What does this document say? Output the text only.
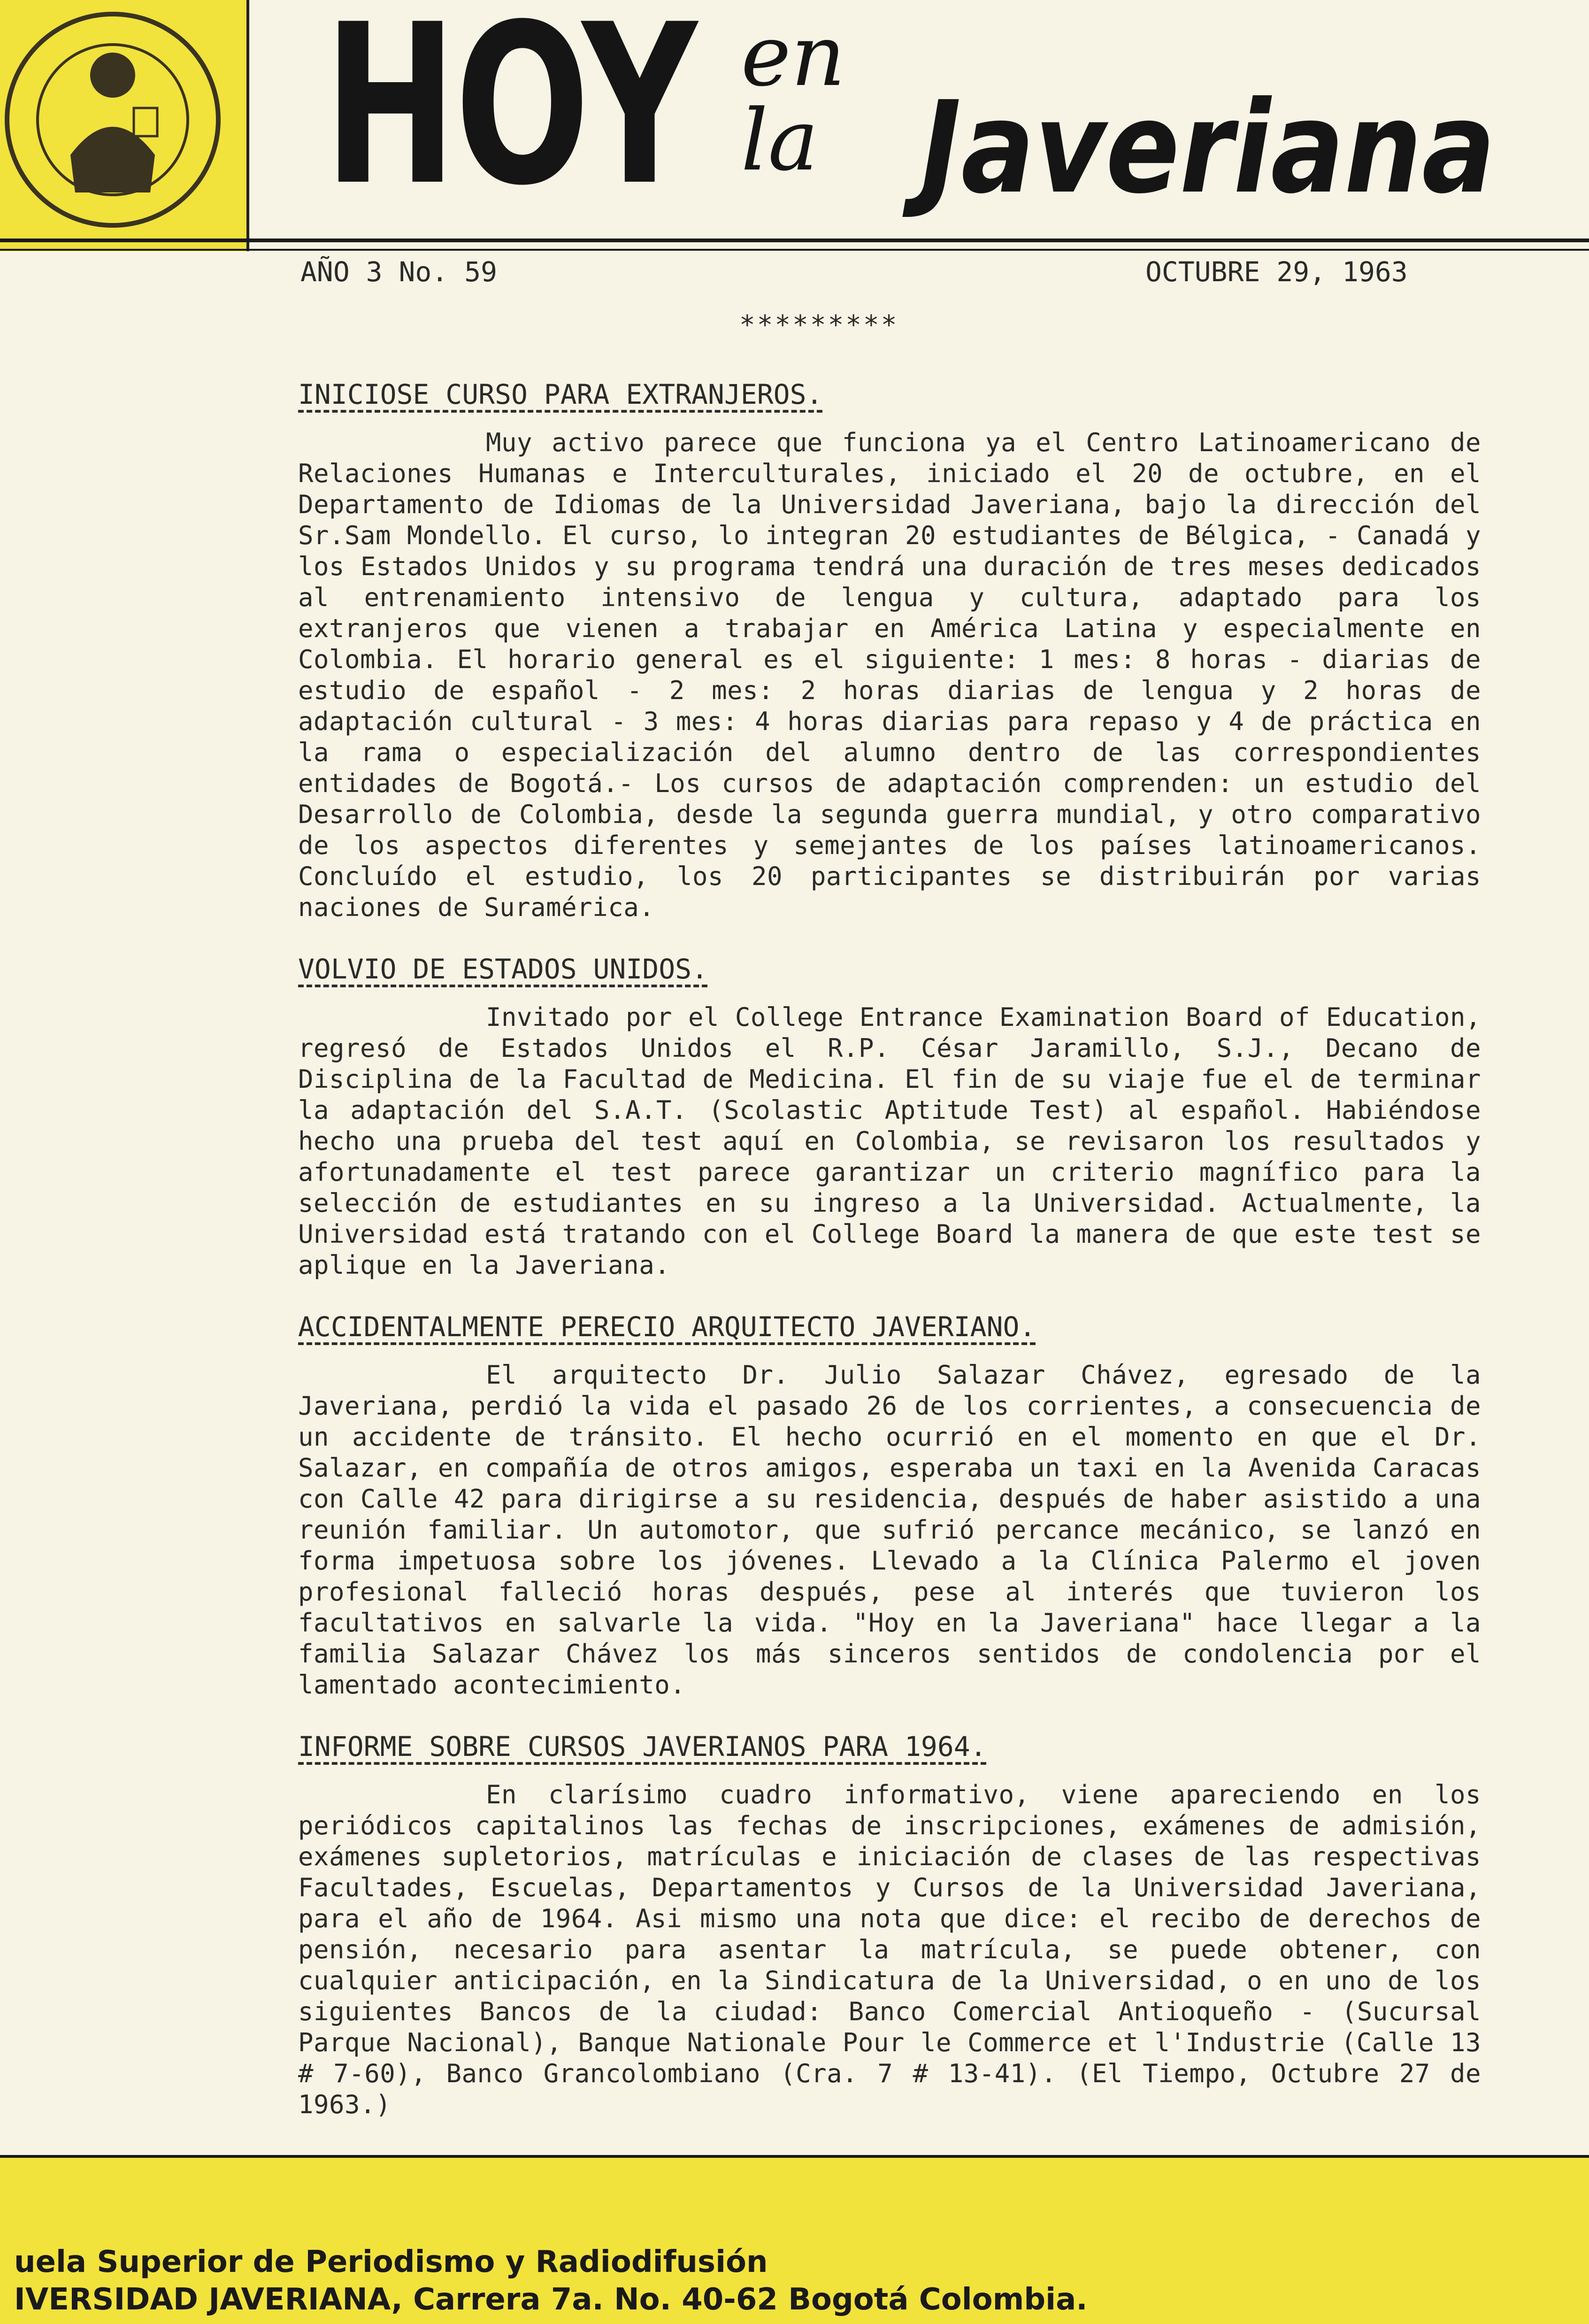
HOY en la Javeriana
AÑO 3 No. 59	OCTUBRE 29, 1963
*********
INICIOSE CURSO PARA EXTRANJEROS.

Muy activo parece que funciona ya el Centro Latinoamericano de Relaciones Humanas e Interculturales, iniciado el 20 de octubre, en el Departamento de Idiomas de la Universidad Javeriana, bajo la dirección del Sr.Sam Mondello. El curso, lo integran 20 estudiantes de Bélgica, - Canadá y los Estados Unidos y su programa tendrá una duración de tres meses dedicados al entrenamiento intensivo de lengua y cultura, adaptado para los extranjeros que vienen a trabajar en América Latina y especialmente en Colombia. El horario general es el siguiente: 1 mes: 8 horas - diarias de estudio de español - 2 mes: 2 horas diarias de lengua y 2 horas de adaptación cultural - 3 mes: 4 horas diarias para repaso y 4 de práctica en la rama o especialización del alumno dentro de las correspondientes entidades de Bogotá.- Los cursos de adaptación comprenden: un estudio del Desarrollo de Colombia, desde la segunda guerra mundial, y otro comparativo de los aspectos diferentes y semejantes de los países latinoamericanos. Concluído el estudio, los 20 participantes se distribuirán por varias naciones de Suramérica.

VOLVIO DE ESTADOS UNIDOS.

Invitado por el College Entrance Examination Board of Education, regresó de Estados Unidos el R.P. César Jaramillo, S.J., Decano de Disciplina de la Facultad de Medicina. El fin de su viaje fue el de terminar la adaptación del S.A.T. (Scolastic Aptitude Test) al español. Habiéndose hecho una prueba del test aquí en Colombia, se revisaron los resultados y afortunadamente el test parece garantizar un criterio magnífico para la selección de estudiantes en su ingreso a la Universidad. Actualmente, la Universidad está tratando con el College Board la manera de que este test se aplique en la Javeriana.

ACCIDENTALMENTE PERECIO ARQUITECTO JAVERIANO.

El arquitecto Dr. Julio Salazar Chávez, egresado de la Javeriana, perdió la vida el pasado 26 de los corrientes, a consecuencia de un accidente de tránsito. El hecho ocurrió en el momento en que el Dr. Salazar, en compañía de otros amigos, esperaba un taxi en la Avenida Caracas con Calle 42 para dirigirse a su residencia, después de haber asistido a una reunión familiar. Un automotor, que sufrió percance mecánico, se lanzó en forma impetuosa sobre los jóvenes. Llevado a la Clínica Palermo el joven profesional falleció horas después, pese al interés que tuvieron los facultativos en salvarle la vida. "Hoy en la Javeriana" hace llegar a la familia Salazar Chávez los más sinceros sentidos de condolencia por el lamentado acontecimiento.

INFORME SOBRE CURSOS JAVERIANOS PARA 1964.

En clarísimo cuadro informativo, viene apareciendo en los periódicos capitalinos las fechas de inscripciones, exámenes de admisión, exámenes supletorios, matrículas e iniciación de clases de las respectivas Facultades, Escuelas, Departamentos y Cursos de la Universidad Javeriana, para el año de 1964. Asi mismo una nota que dice: el recibo de derechos de pensión, necesario para asentar la matrícula, se puede obtener, con cualquier anticipación, en la Sindicatura de la Universidad, o en uno de los siguientes Bancos de la ciudad: Banco Comercial Antioqueño - (Sucursal Parque Nacional), Banque Nationale Pour le Commerce et l'Industrie (Calle 13 # 7-60), Banco Grancolombiano (Cra. 7 # 13-41). (El Tiempo, Octubre 27 de 1963.)

uela Superior de Periodismo y Radiodifusión
IVERSIDAD JAVERIANA, Carrera 7a. No. 40-62 Bogotá Colombia.
